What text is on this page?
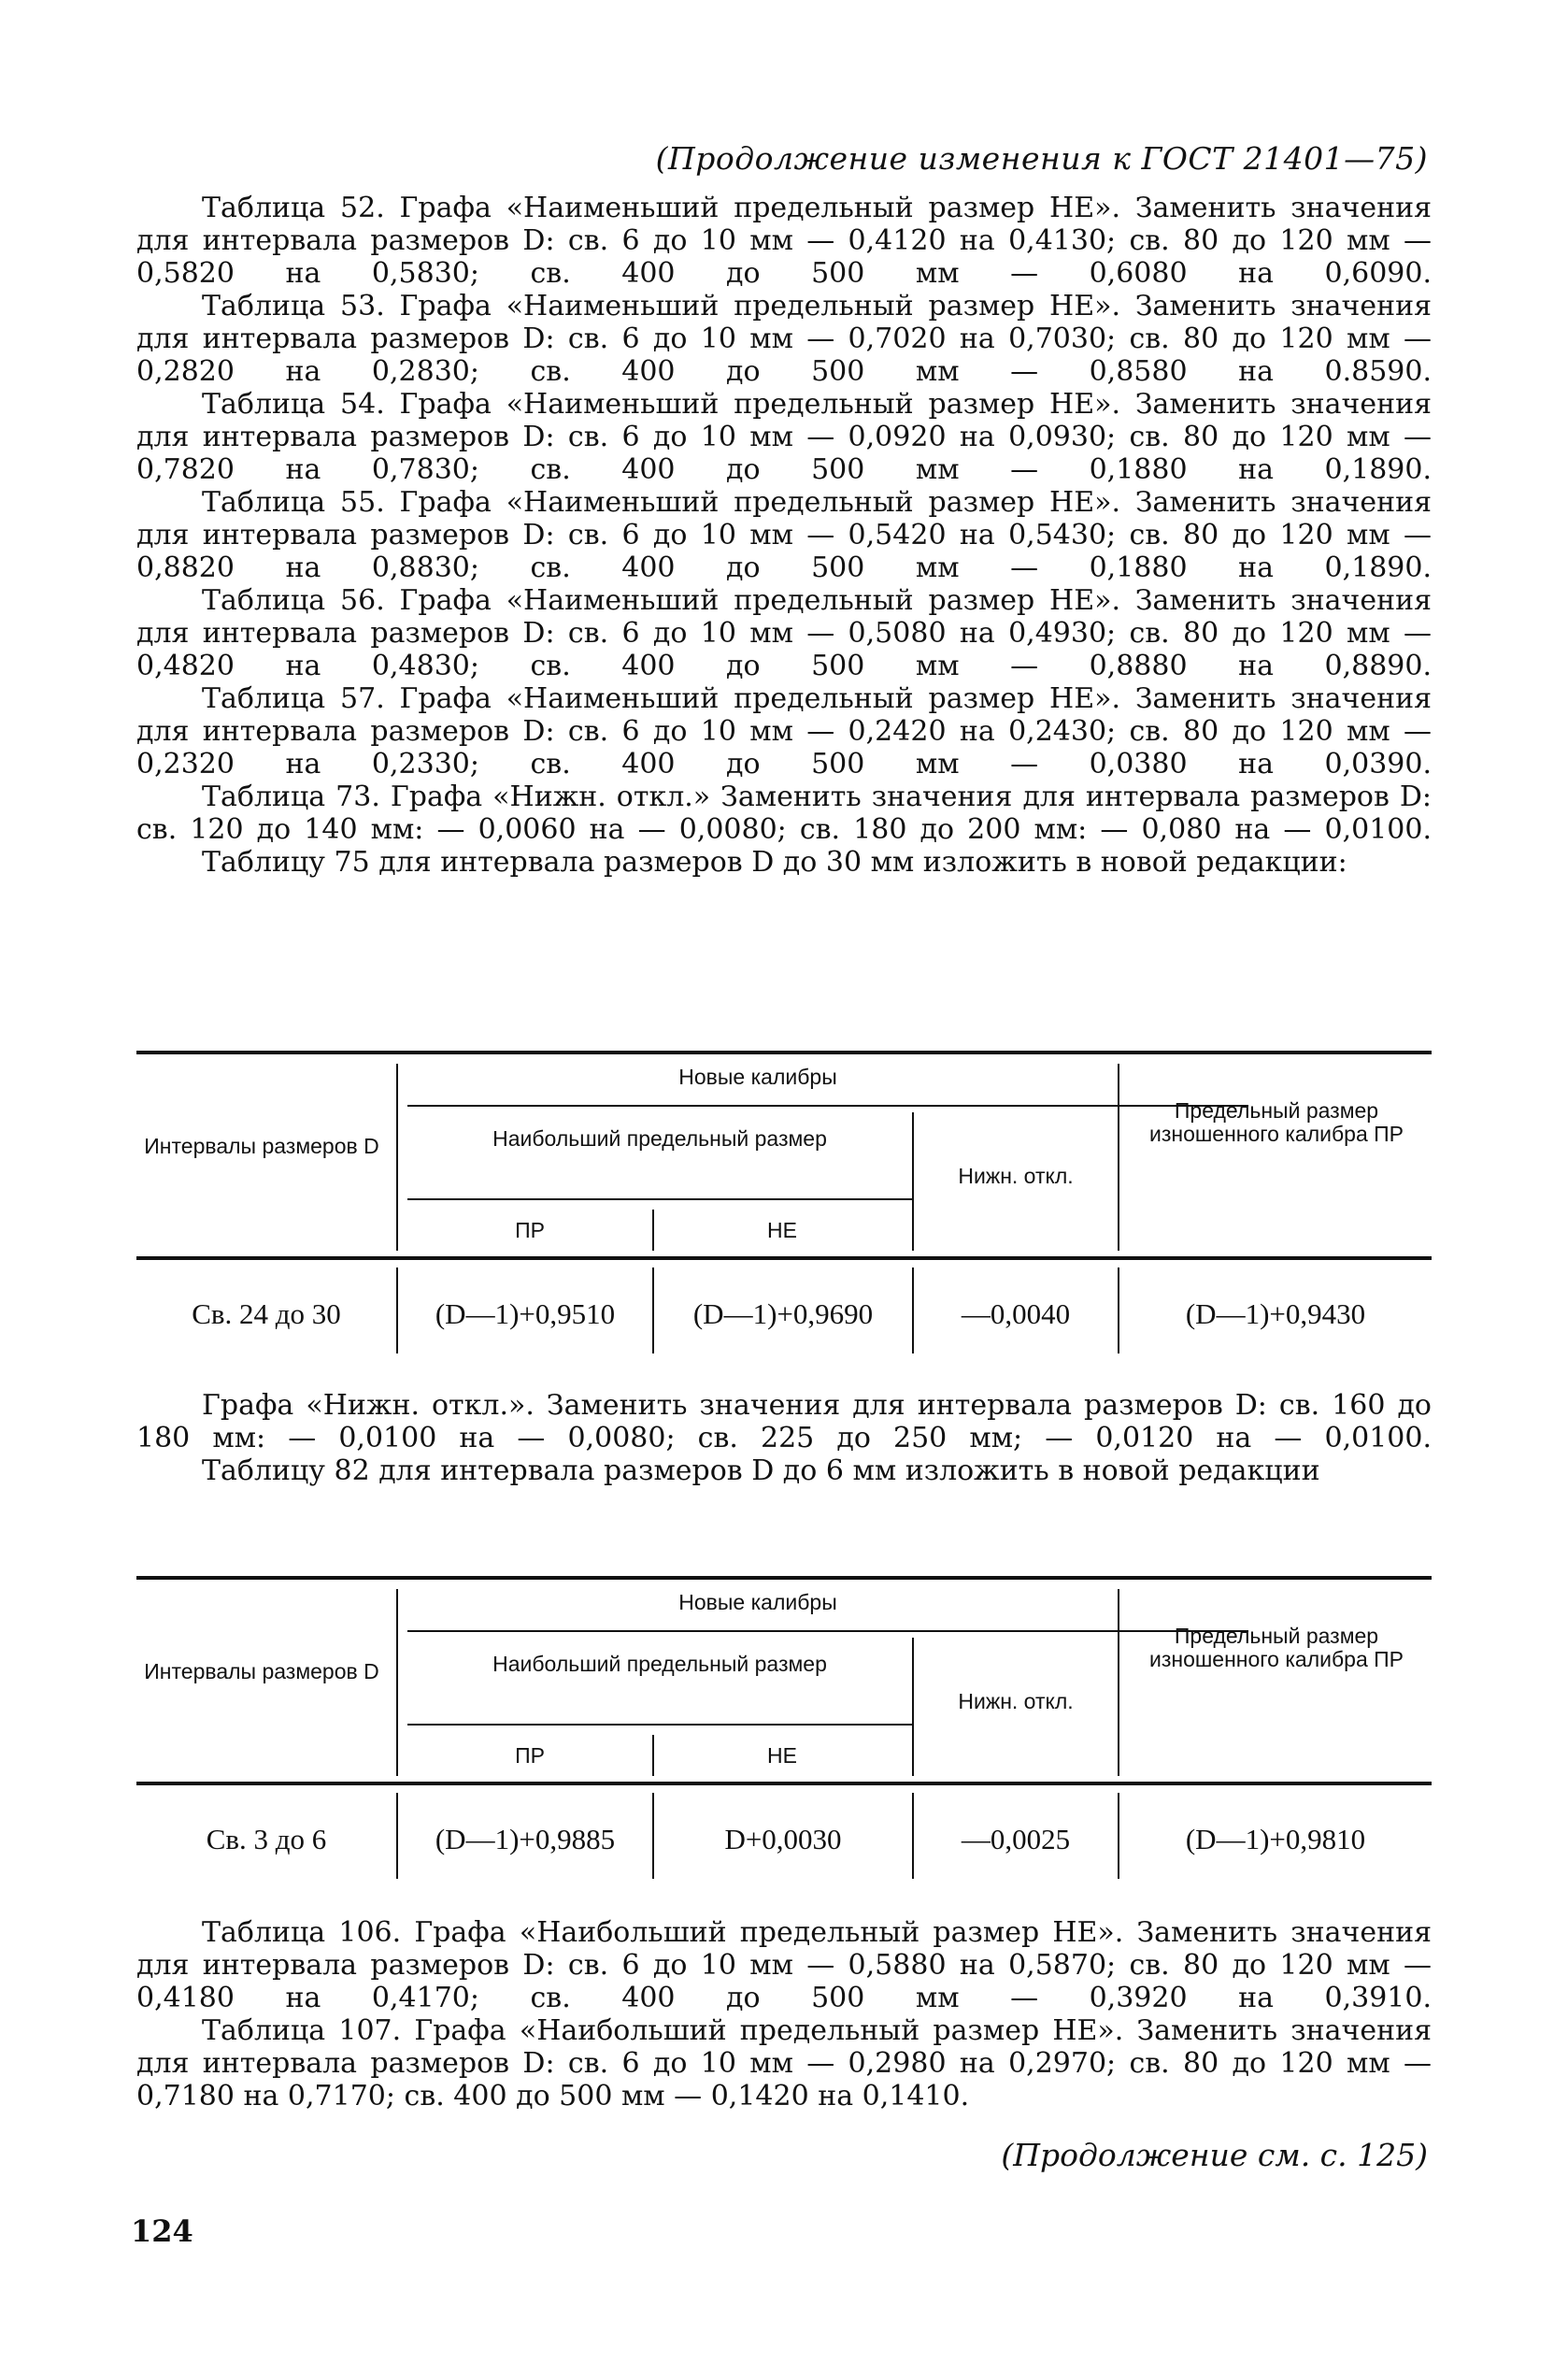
(Продолжение изменения к ГОСТ 21401—75)

Таблица 52. Графа «Наименьший предельный размер НЕ». Заменить значения для интервала размеров D: св. 6 до 10 мм — 0,4120 на 0,4130; св. 80 до 120 мм — 0,5820 на 0,5830; св. 400 до 500 мм — 0,6080 на 0,6090.

Таблица 53. Графа «Наименьший предельный размер НЕ». Заменить значения для интервала размеров D: св. 6 до 10 мм — 0,7020 на 0,7030; св. 80 до 120 мм — 0,2820 на 0,2830; св. 400 до 500 мм — 0,8580 на 0.8590.

Таблица 54. Графа «Наименьший предельный размер НЕ». Заменить значения для интервала размеров D: св. 6 до 10 мм — 0,0920 на 0,0930; св. 80 до 120 мм — 0,7820 на 0,7830; св. 400 до 500 мм — 0,1880 на 0,1890.

Таблица 55. Графа «Наименьший предельный размер НЕ». Заменить значения для интервала размеров D: св. 6 до 10 мм — 0,5420 на 0,5430; св. 80 до 120 мм — 0,8820 на 0,8830; св. 400 до 500 мм — 0,1880 на 0,1890.

Таблица 56. Графа «Наименьший предельный размер НЕ». Заменить значения для интервала размеров D: св. 6 до 10 мм — 0,5080 на 0,4930; св. 80 до 120 мм — 0,4820 на 0,4830; св. 400 до 500 мм — 0,8880 на 0,8890.

Таблица 57. Графа «Наименьший предельный размер НЕ». Заменить значения для интервала размеров D: св. 6 до 10 мм — 0,2420 на 0,2430; св. 80 до 120 мм — 0,2320 на 0,2330; св. 400 до 500 мм — 0,0380 на 0,0390.

Таблица 73. Графа «Нижн. откл.» Заменить значения для интервала размеров D: св. 120 до 140 мм: — 0,0060 на — 0,0080; св. 180 до 200 мм: — 0,080 на — 0,0100.

Таблицу 75 для интервала размеров D до 30 мм изложить в новой редакции:

Интервалы размеров D
Новые калибры
Наибольший предельный размер
ПР	НЕ
Нижн. откл.
Предельный размер изношенного калибра ПР
Св. 24 до 30	(D—1)+0,9510	(D—1)+0,9690	—0,0040	(D—1)+0,9430

Графа «Нижн. откл.». Заменить значения для интервала размеров D: св. 160 до 180 мм: — 0,0100 на — 0,0080; св. 225 до 250 мм; — 0,0120 на — 0,0100.

Таблицу 82 для интервала размеров D до 6 мм изложить в новой редакции

Интервалы размеров D
Новые калибры
Наибольший предельный размер
ПР	НЕ
Нижн. откл.
Предельный размер изношенного калибра ПР
Св. 3 до 6	(D—1)+0,9885	D+0,0030	—0,0025	(D—1)+0,9810

Таблица 106. Графа «Наибольший предельный размер НЕ». Заменить значения для интервала размеров D: св. 6 до 10 мм — 0,5880 на 0,5870; св. 80 до 120 мм — 0,4180 на 0,4170; св. 400 до 500 мм — 0,3920 на 0,3910.

Таблица 107. Графа «Наибольший предельный размер НЕ». Заменить значения для интервала размеров D: св. 6 до 10 мм — 0,2980 на 0,2970; св. 80 до 120 мм — 0,7180 на 0,7170; св. 400 до 500 мм — 0,1420 на 0,1410.

(Продолжение см. с. 125)
124
